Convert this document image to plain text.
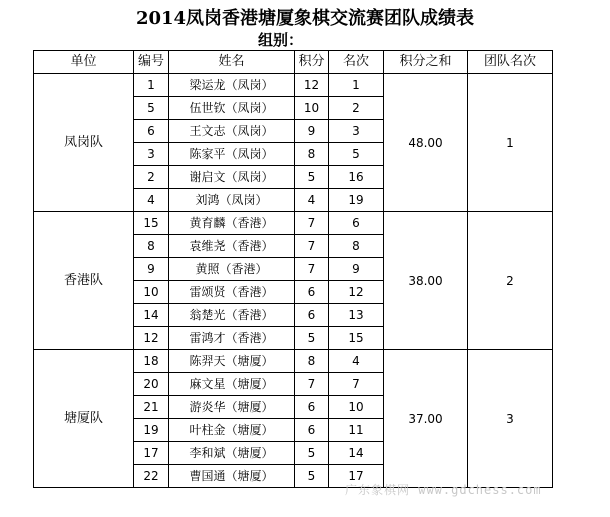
2014凤岗香港塘厦象棋交流赛团队成绩表
组别：
单位	编号	姓名	积分	名次	积分之和	团队名次
凤岗队	1	梁运龙（凤岗）	12	1	48.00	1
	5	伍世钦（凤岗）	10	2		
	6	王文志（凤岗）	9	3		
	3	陈家平（凤岗）	8	5		
	2	谢启文（凤岗）	5	16		
	4	刘鸿（凤岗）	4	19		
香港队	15	黄育麟（香港）	7	6	38.00	2
	8	袁维尧（香港）	7	8		
	9	黄照（香港）	7	9		
	10	雷颂贤（香港）	6	12		
	14	翁楚光（香港）	6	13		
	12	雷鸿才（香港）	5	15		
塘厦队	18	陈羿天（塘厦）	8	4	37.00	3
	20	麻文星（塘厦）	7	7		
	21	游炎华（塘厦）	6	10		
	19	叶柱金（塘厦）	6	11		
	17	李和斌（塘厦）	5	14		
	22	曹国通（塘厦）	5	17		
广东象棋网 www.gdchess.com
